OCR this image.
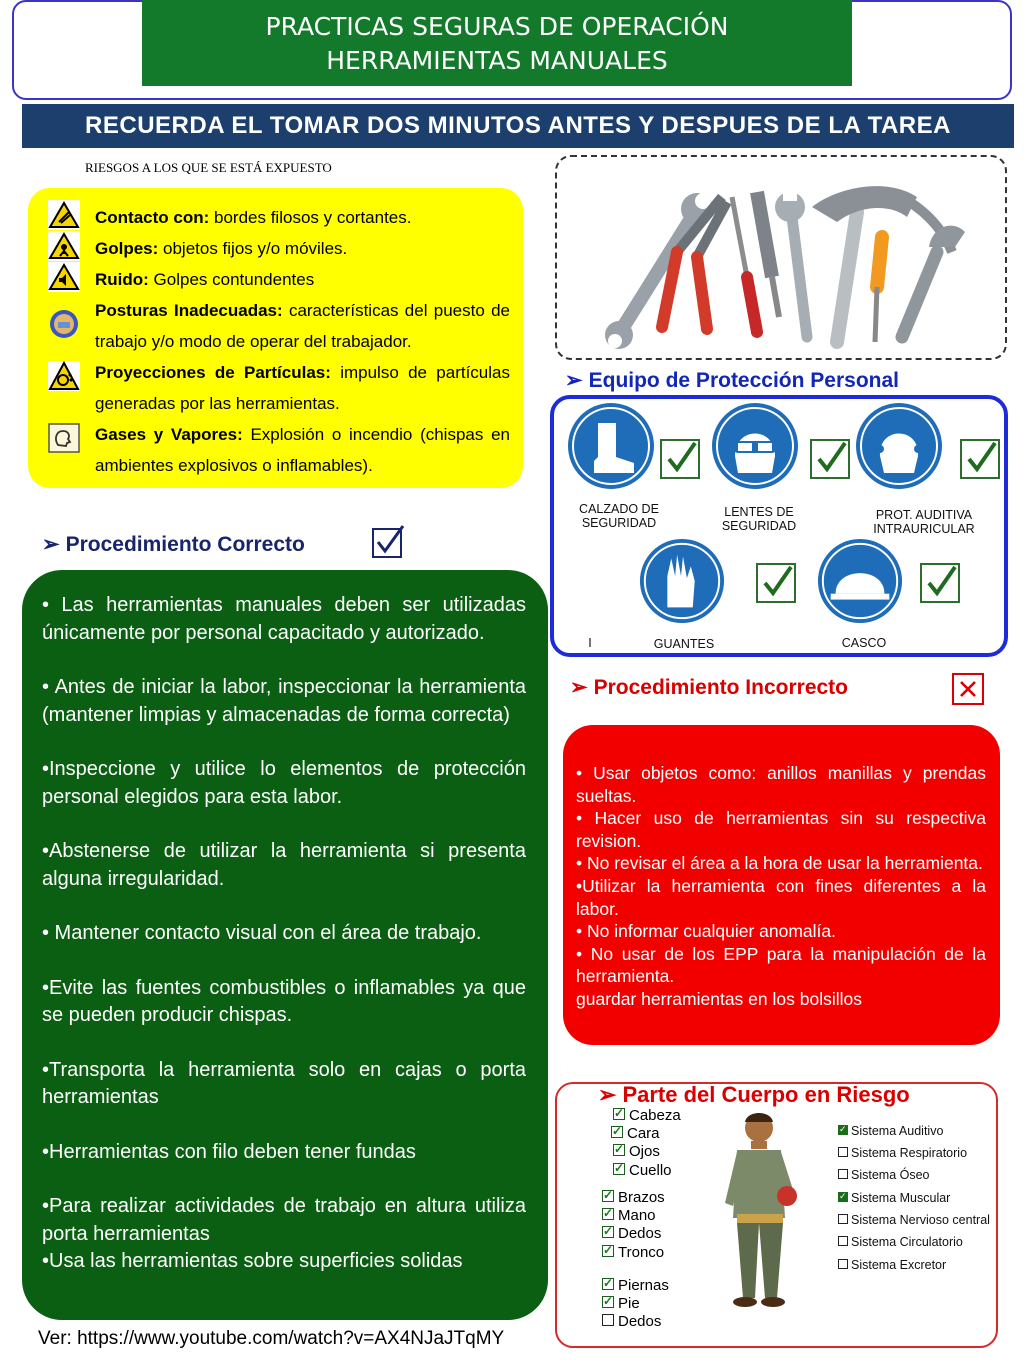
PRACTICAS SEGURAS DE OPERACIÓN
HERRAMIENTAS MANUALES
RECUERDA EL TOMAR DOS MINUTOS ANTES Y DESPUES DE LA TAREA
RIESGOS A LOS QUE SE ESTÁ EXPUESTO
Contacto con: bordes filosos y cortantes.
Golpes: objetos fijos y/o móviles.
Ruido: Golpes contundentes
Posturas Inadecuadas: características del puesto de trabajo y/o modo de operar del trabajador.
Proyecciones de Partículas: impulso de partículas generadas por las herramientas.
Gases y Vapores: Explosión o incendio (chispas en ambientes explosivos o inflamables).
➢ Equipo de Protección Personal
CALZADO DE SEGURIDAD
LENTES DE SEGURIDAD
PROT. AUDITIVA INTRAURICULAR
I	GUANTES	CASCO
➢ Procedimiento Correcto

• Las herramientas manuales deben ser utilizadas únicamente por personal capacitado y autorizado.

• Antes de iniciar la labor, inspeccionar la herramienta (mantener limpias y almacenadas de forma correcta)

•Inspeccione y utilice lo elementos de protección personal elegidos para esta labor.

•Abstenerse de utilizar la herramienta si presenta alguna irregularidad.

• Mantener contacto visual con el área de trabajo.

•Evite las fuentes combustibles o inflamables ya que se pueden producir chispas.

•Transporta la herramienta solo en cajas o porta herramientas

•Herramientas con filo deben tener fundas

•Para realizar actividades de trabajo en altura utiliza porta herramientas

•Usa las herramientas sobre superficies solidas

➢ Procedimiento Incorrecto

• Usar objetos como: anillos manillas y prendas sueltas.

• Hacer uso de herramientas sin su respectiva revision.

• No revisar el área a la hora de usar la herramienta.

•Utilizar la herramienta con fines diferentes a la labor.

• No informar cualquier anomalía.

• No usar de los EPP para la manipulación de la herramienta.

guardar herramientas en los bolsillos

➢ Parte del Cuerpo en Riesgo
✓Cabeza
✓Cara
✓Ojos
✓Cuello
✓Brazos
✓Mano
✓Dedos
✓Tronco
✓Piernas
✓Pie
Dedos
✓Sistema Auditivo
Sistema Respiratorio
Sistema Óseo
✓Sistema Muscular
Sistema Nervioso central
Sistema Circulatorio
Sistema Excretor
Ver: https://www.youtube.com/watch?v=AX4NJaJTqMY
